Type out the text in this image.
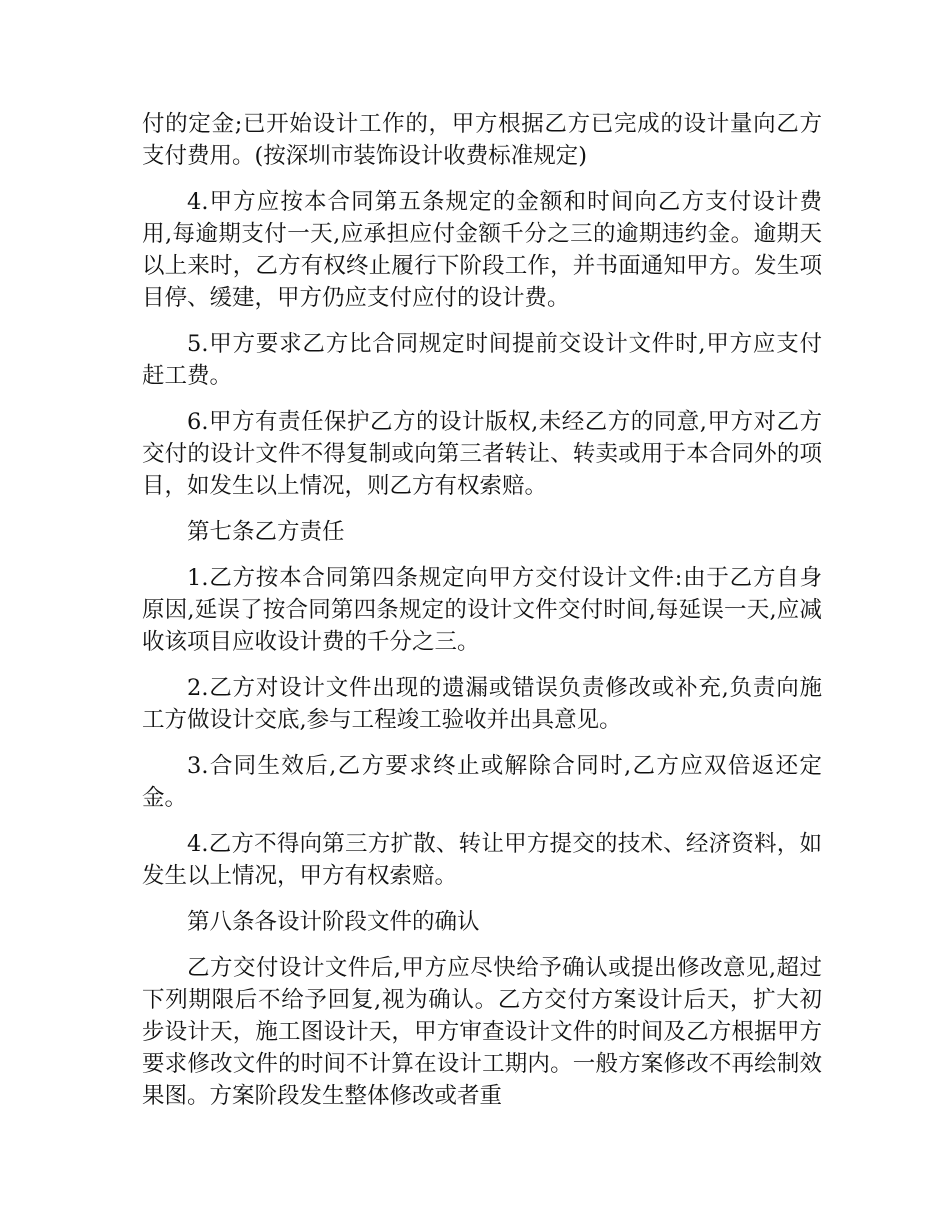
付的定金;已开始设计工作的，甲方根据乙方已完成的设计量向乙方支付费用。(按深圳市装饰设计收费标准规定)

4.甲方应按本合同第五条规定的金额和时间向乙方支付设计费用,每逾期支付一天,应承担应付金额千分之三的逾期违约金。逾期天以上来时，乙方有权终止履行下阶段工作，并书面通知甲方。发生项目停、缓建，甲方仍应支付应付的设计费。

5.甲方要求乙方比合同规定时间提前交设计文件时,甲方应支付赶工费。

6.甲方有责任保护乙方的设计版权,未经乙方的同意,甲方对乙方交付的设计文件不得复制或向第三者转让、转卖或用于本合同外的项目，如发生以上情况，则乙方有权索赔。

第七条乙方责任

1.乙方按本合同第四条规定向甲方交付设计文件:由于乙方自身原因,延误了按合同第四条规定的设计文件交付时间,每延误一天,应减收该项目应收设计费的千分之三。

2.乙方对设计文件出现的遗漏或错误负责修改或补充,负责向施工方做设计交底,参与工程竣工验收并出具意见。

3.合同生效后,乙方要求终止或解除合同时,乙方应双倍返还定金。

4.乙方不得向第三方扩散、转让甲方提交的技术、经济资料，如发生以上情况，甲方有权索赔。

第八条各设计阶段文件的确认

乙方交付设计文件后,甲方应尽快给予确认或提出修改意见,超过下列期限后不给予回复,视为确认。乙方交付方案设计后天，扩大初步设计天，施工图设计天，甲方审查设计文件的时间及乙方根据甲方要求修改文件的时间不计算在设计工期内。一般方案修改不再绘制效果图。方案阶段发生整体修改或者重
